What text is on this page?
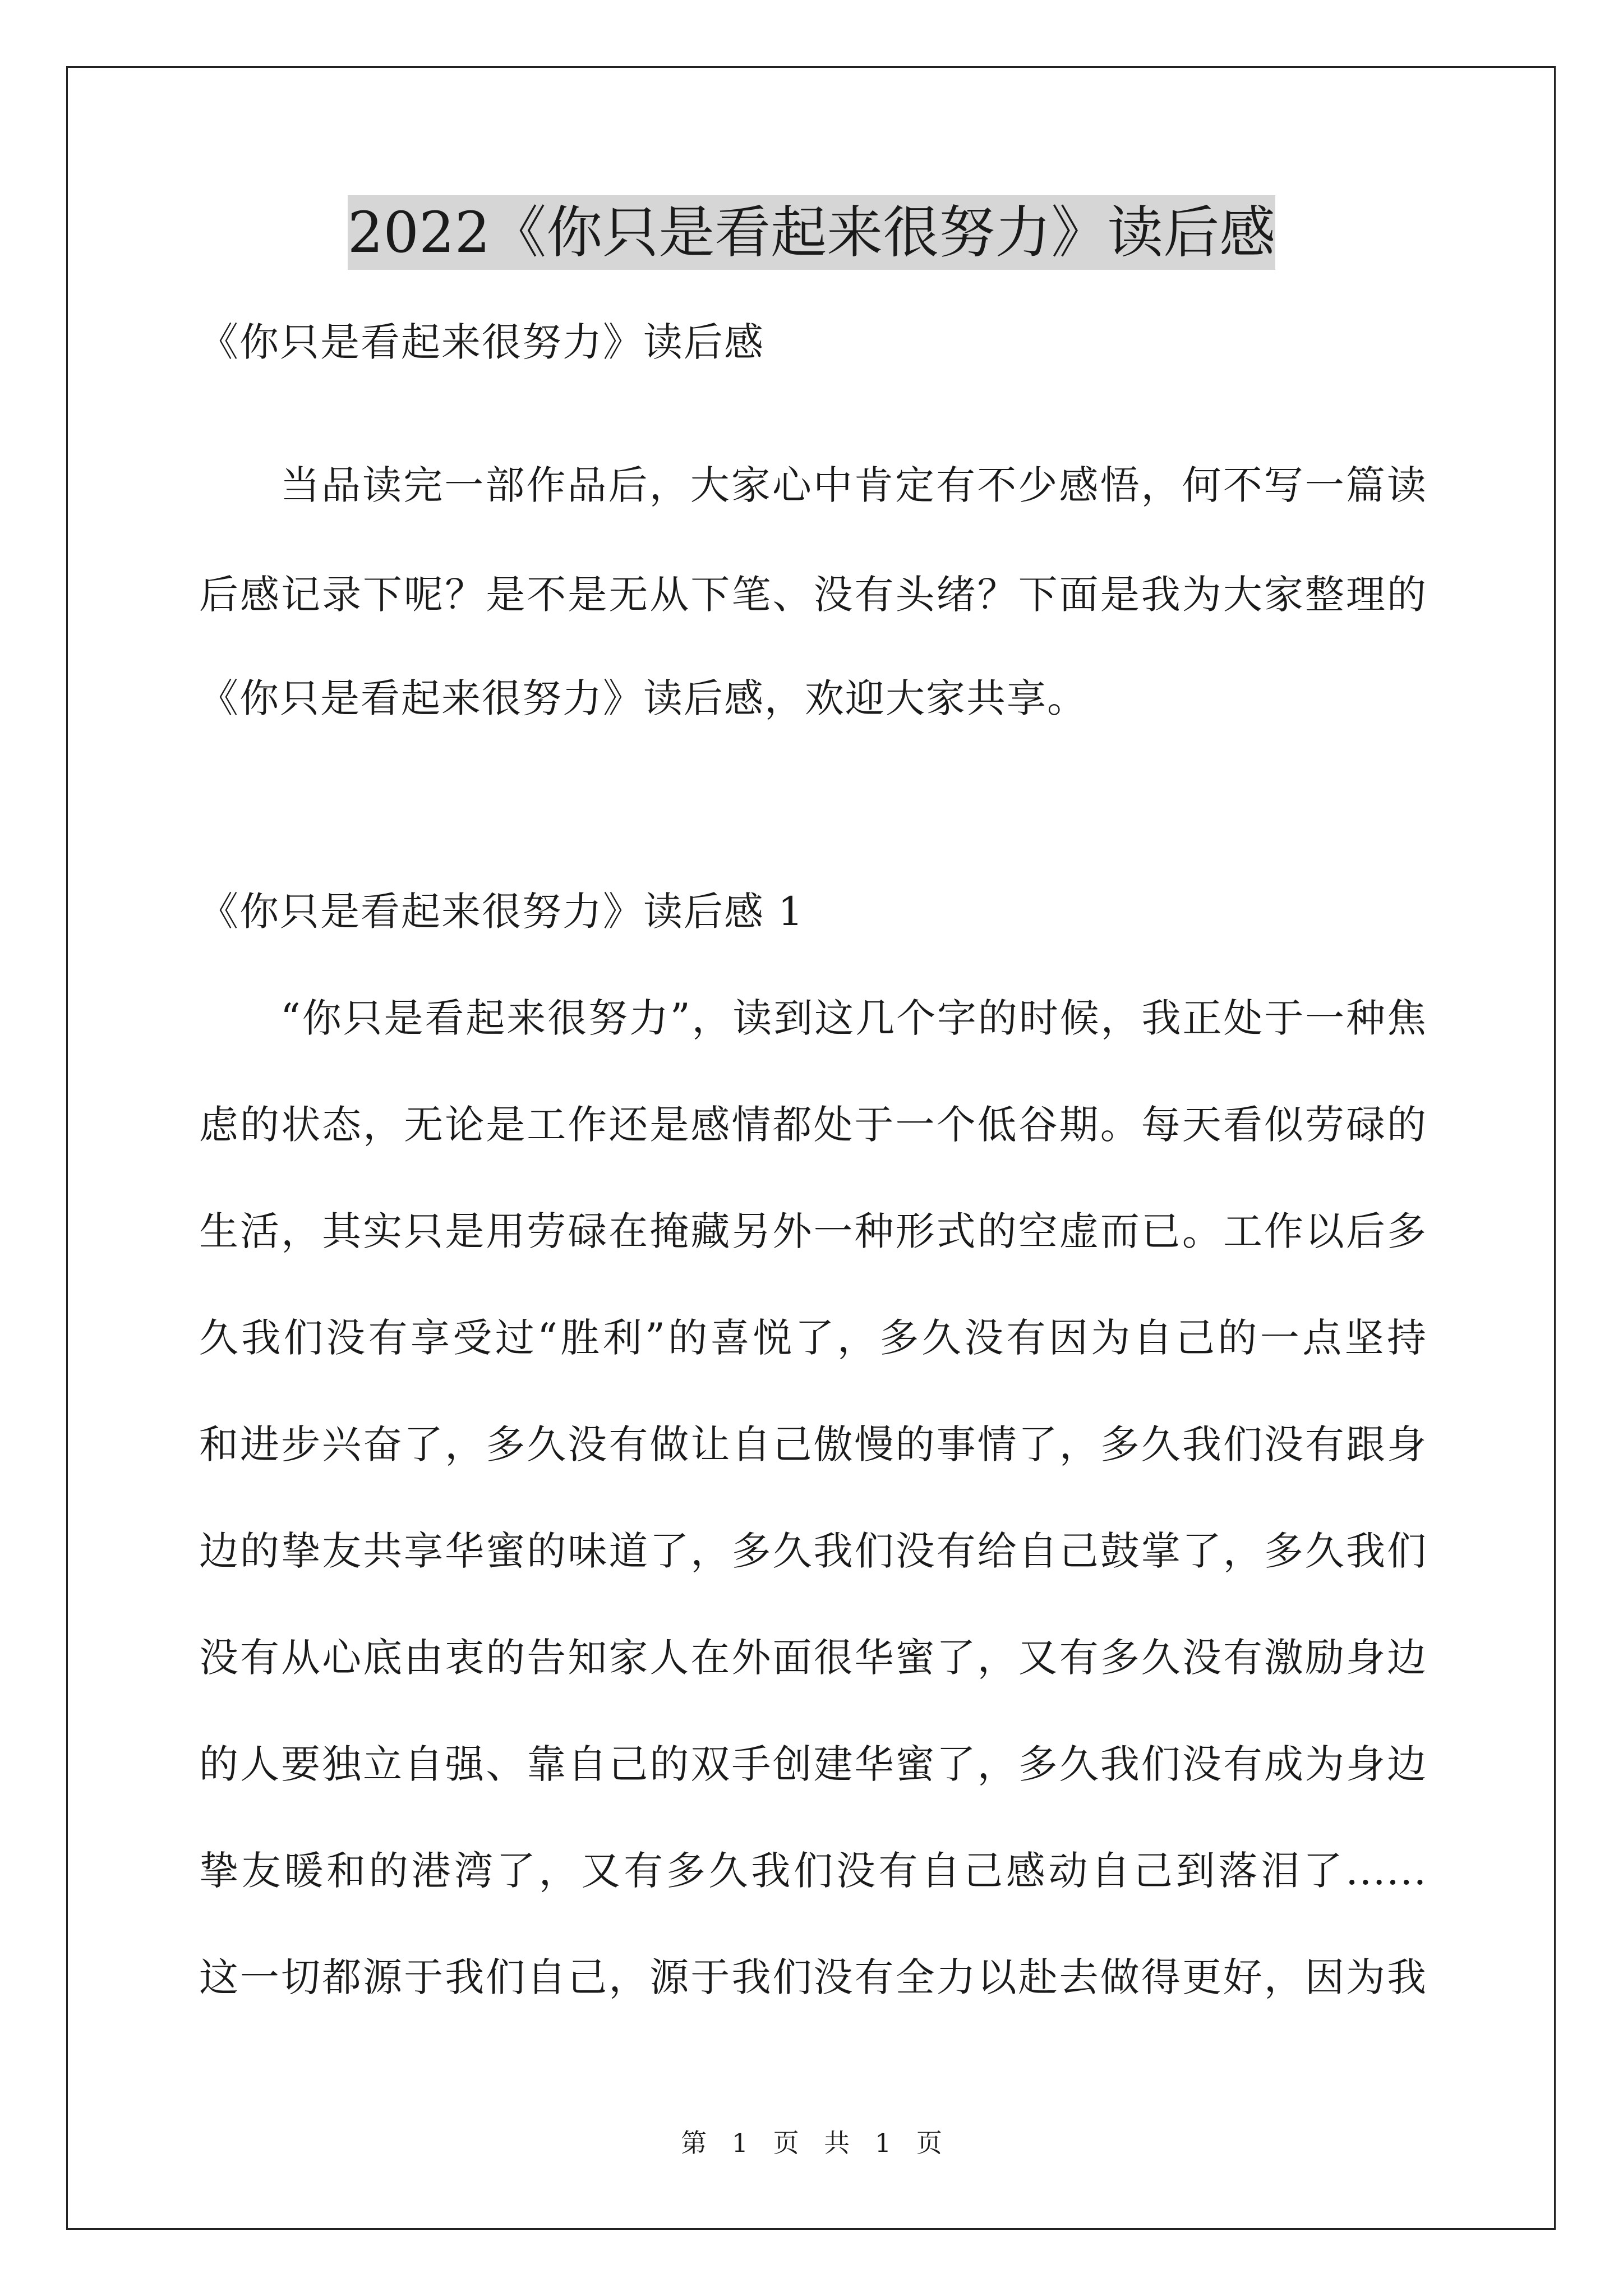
2022《你只是看起来很努力》读后感
《你只是看起来很努力》读后感
当品读完一部作品后，大家心中肯定有不少感悟，何不写一篇读
后感记录下呢？是不是无从下笔、没有头绪？下面是我为大家整理的
《你只是看起来很努力》读后感，欢迎大家共享。
《你只是看起来很努力》读后感 1
“你只是看起来很努力”，读到这几个字的时候，我正处于一种焦
虑的状态，无论是工作还是感情都处于一个低谷期。每天看似劳碌的
生活，其实只是用劳碌在掩藏另外一种形式的空虚而已。工作以后多
久我们没有享受过“胜利”的喜悦了，多久没有因为自己的一点坚持
和进步兴奋了，多久没有做让自己傲慢的事情了，多久我们没有跟身
边的挚友共享华蜜的味道了，多久我们没有给自己鼓掌了，多久我们
没有从心底由衷的告知家人在外面很华蜜了，又有多久没有激励身边
的人要独立自强、靠自己的双手创建华蜜了，多久我们没有成为身边
挚友暖和的港湾了，又有多久我们没有自己感动自己到落泪了......
这一切都源于我们自己，源于我们没有全力以赴去做得更好，因为我
第 1 页 共 1 页
